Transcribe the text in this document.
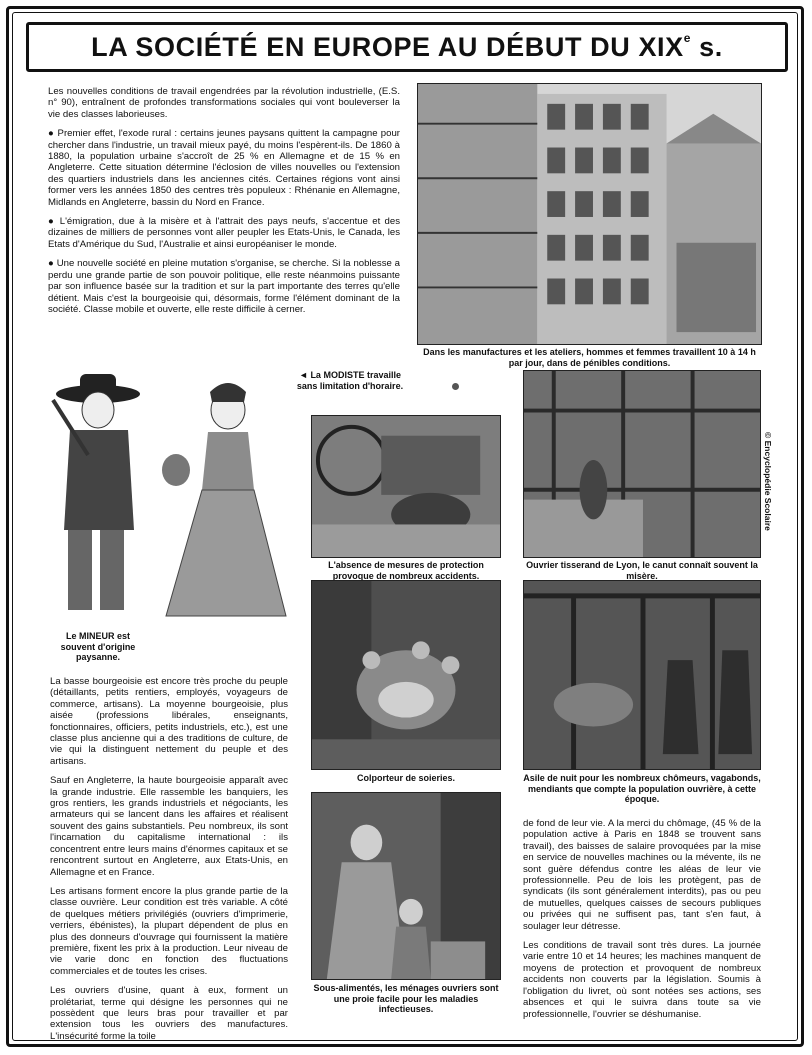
LA SOCIÉTÉ EN EUROPE AU DÉBUT DU XIXe s.

Les nouvelles conditions de travail engendrées par la révolution industrielle, (E.S. n° 90), entraînent de profondes transformations sociales qui vont bouleverser la vie des classes laborieuses.

● Premier effet, l'exode rural : certains jeunes paysans quittent la campagne pour chercher dans l'industrie, un travail mieux payé, du moins l'espèrent-ils. De 1860 à 1880, la population urbaine s'accroît de 25 % en Allemagne et de 15 % en Angleterre. Cette situation détermine l'éclosion de villes nouvelles ou l'extension des quartiers industriels dans les anciennes cités. Certaines régions vont ainsi former vers les années 1850 des centres très populeux : Rhénanie en Allemagne, Midlands en Angleterre, bassin du Nord en France.

● L'émigration, due à la misère et à l'attrait des pays neufs, s'accentue et des dizaines de milliers de personnes vont aller peupler les Etats-Unis, le Canada, les Etats d'Amérique du Sud, l'Australie et ainsi européaniser le monde.

● Une nouvelle société en pleine mutation s'organise, se cherche. Si la noblesse a perdu une grande partie de son pouvoir politique, elle reste néanmoins puissante par son influence basée sur la tradition et sur la part importante des terres qu'elle détient. Mais c'est la bourgeoisie qui, désormais, forme l'élément dominant de la société. Classe mobile et ouverte, elle reste difficile à cerner.

Dans les manufactures et les ateliers, hommes et femmes travaillent 10 à 14 h par jour, dans de pénibles conditions.

◄ La MODISTE travaille sans limitation d'horaire.

Le MINEUR est souvent d'origine paysanne.

L'absence de mesures de protection provoque de nombreux accidents.

Ouvrier tisserand de Lyon, le canut connaît souvent la misère.

© Encyclopédie Scolaire

Colporteur de soieries.	Asile de nuit pour les nombreux chômeurs, vagabonds, mendiants que compte la population ouvrière, à cette époque.

Sous-alimentés, les ménages ouvriers sont une proie facile pour les maladies infectieuses.

La basse bourgeoisie est encore très proche du peuple (détaillants, petits rentiers, employés, voyageurs de commerce, artisans). La moyenne bourgeoisie, plus aisée (professions libérales, enseignants, fonctionnaires, officiers, petits industriels, etc.), est une classe plus ancienne qui a des traditions de culture, de vie qui la distinguent nettement du peuple et des artisans.

Sauf en Angleterre, la haute bourgeoisie apparaît avec la grande industrie. Elle rassemble les banquiers, les gros rentiers, les grands industriels et négociants, les armateurs qui se lancent dans les affaires et réalisent souvent des gains substantiels. Peu nombreux, ils sont l'incarnation du capitalisme international : ils concentrent entre leurs mains d'énormes capitaux et se rencontrent surtout en Angleterre, aux Etats-Unis, en Allemagne et en France.

Les artisans forment encore la plus grande partie de la classe ouvrière. Leur condition est très variable. A côté de quelques métiers privilégiés (ouvriers d'imprimerie, verriers, ébénistes), la plupart dépendent de plus en plus des donneurs d'ouvrage qui fournissent la matière première, fixent les prix à la production. Leur niveau de vie varie donc en fonction des fluctuations commerciales et de toutes les crises.

Les ouvriers d'usine, quant à eux, forment un prolétariat, terme qui désigne les personnes qui ne possèdent que leurs bras pour travailler et par extension tous les ouvriers des manufactures. L'insécurité forme la toile

de fond de leur vie. A la merci du chômage, (45 % de la population active à Paris en 1848 se trouvent sans travail), des baisses de salaire provoquées par la mise en service de nouvelles machines ou la mévente, ils ne sont guère défendus contre les aléas de leur vie professionnelle. Peu de lois les protègent, pas de syndicats (ils sont généralement interdits), pas ou peu de mutuelles, quelques caisses de secours publiques ou privées qui ne suffisent pas, tant s'en faut, à soulager leur détresse.

Les conditions de travail sont très dures. La journée varie entre 10 et 14 heures; les machines manquent de moyens de protection et provoquent de nombreux accidents non couverts par la législation. Soumis à l'obligation du livret, où sont notées ses actions, ses absences et qui le suivra dans toute sa vie professionnelle, l'ouvrier se déshumanise.
